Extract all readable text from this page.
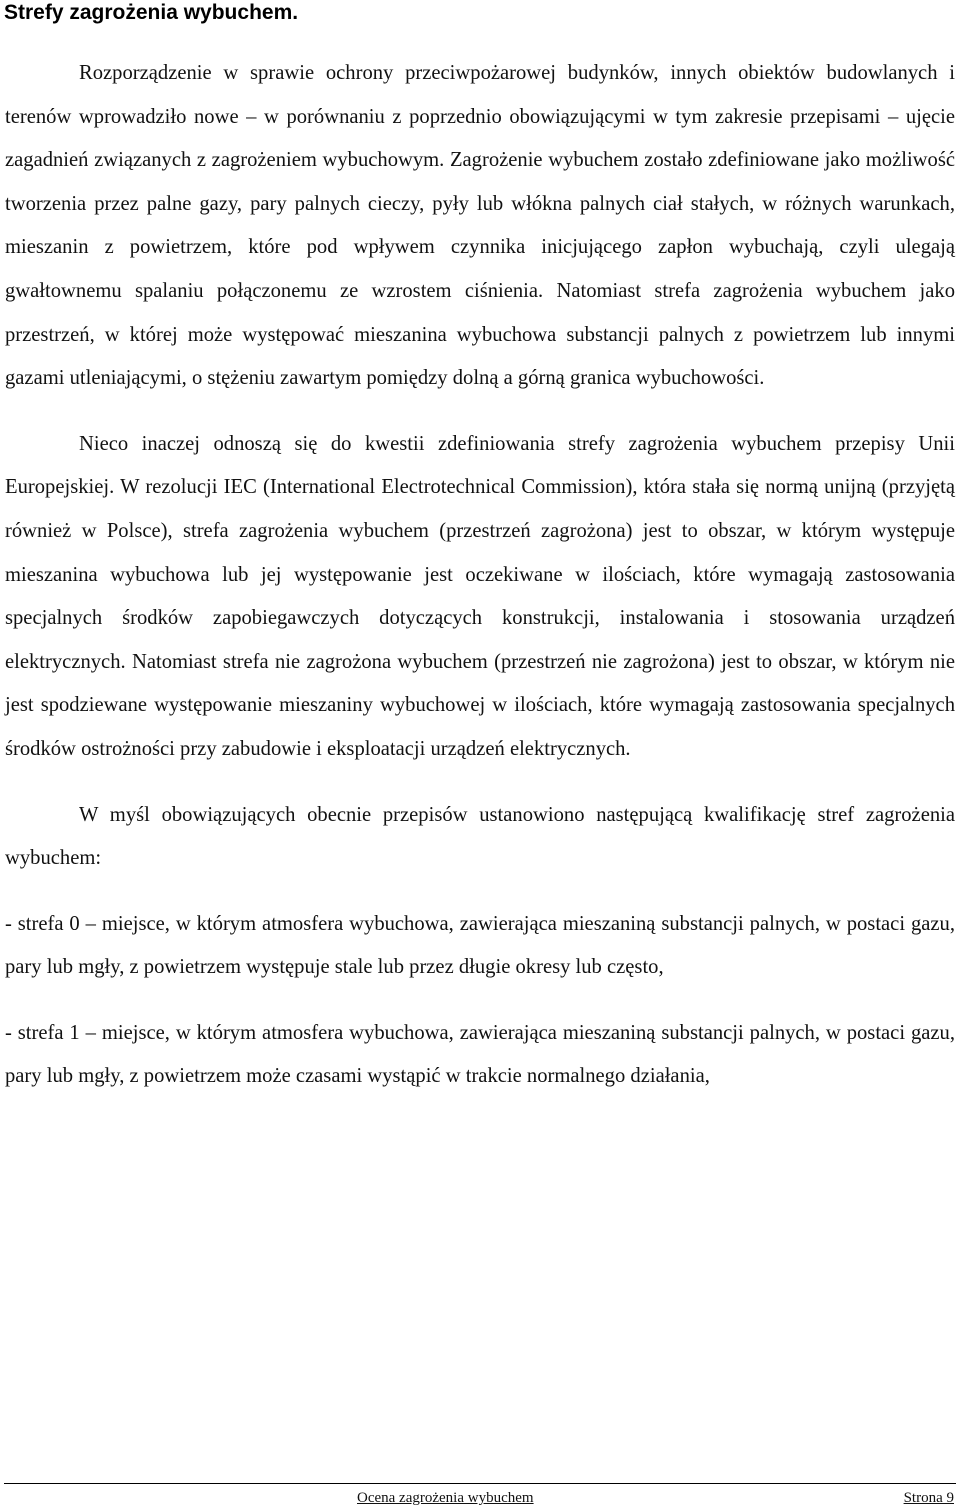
Strefy zagrożenia wybuchem.

Rozporządzenie w sprawie ochrony przeciwpożarowej budynków, innych obiektów budowlanych i terenów wprowadziło nowe – w porównaniu z poprzednio obowiązującymi w tym zakresie przepisami – ujęcie zagadnień związanych z zagrożeniem wybuchowym. Zagrożenie wybuchem zostało zdefiniowane jako możliwość tworzenia przez palne gazy, pary palnych cieczy, pyły lub włókna palnych ciał stałych, w różnych warunkach, mieszanin z powietrzem, które pod wpływem czynnika inicjującego zapłon wybuchają, czyli ulegają gwałtownemu spalaniu połączonemu ze wzrostem ciśnienia. Natomiast strefa zagrożenia wybuchem jako przestrzeń, w której może występować mieszanina wybuchowa substancji palnych z powietrzem lub innymi gazami utleniającymi, o stężeniu zawartym pomiędzy dolną a górną granica wybuchowości.

Nieco inaczej odnoszą się do kwestii zdefiniowania strefy zagrożenia wybuchem przepisy Unii Europejskiej. W rezolucji IEC (International Electrotechnical Commission), która stała się normą unijną (przyjętą również w Polsce), strefa zagrożenia wybuchem (przestrzeń zagrożona) jest to obszar, w którym występuje mieszanina wybuchowa lub jej występowanie jest oczekiwane w ilościach, które wymagają zastosowania specjalnych środków zapobiegawczych dotyczących konstrukcji, instalowania i stosowania urządzeń elektrycznych. Natomiast strefa nie zagrożona wybuchem (przestrzeń nie zagrożona) jest to obszar, w którym nie jest spodziewane występowanie mieszaniny wybuchowej w ilościach, które wymagają zastosowania specjalnych środków ostrożności przy zabudowie i eksploatacji urządzeń elektrycznych.

W myśl obowiązujących obecnie przepisów ustanowiono następującą kwalifikację stref zagrożenia wybuchem:

- strefa 0 – miejsce, w którym atmosfera wybuchowa, zawierająca mieszaniną substancji palnych, w postaci gazu, pary lub mgły, z powietrzem występuje stale lub przez długie okresy lub często,

- strefa 1 – miejsce, w którym atmosfera wybuchowa, zawierająca mieszaniną substancji palnych, w postaci gazu, pary lub mgły, z powietrzem może czasami wystąpić w trakcie normalnego działania,

Ocena zagrożenia wybuchem	Strona 9
